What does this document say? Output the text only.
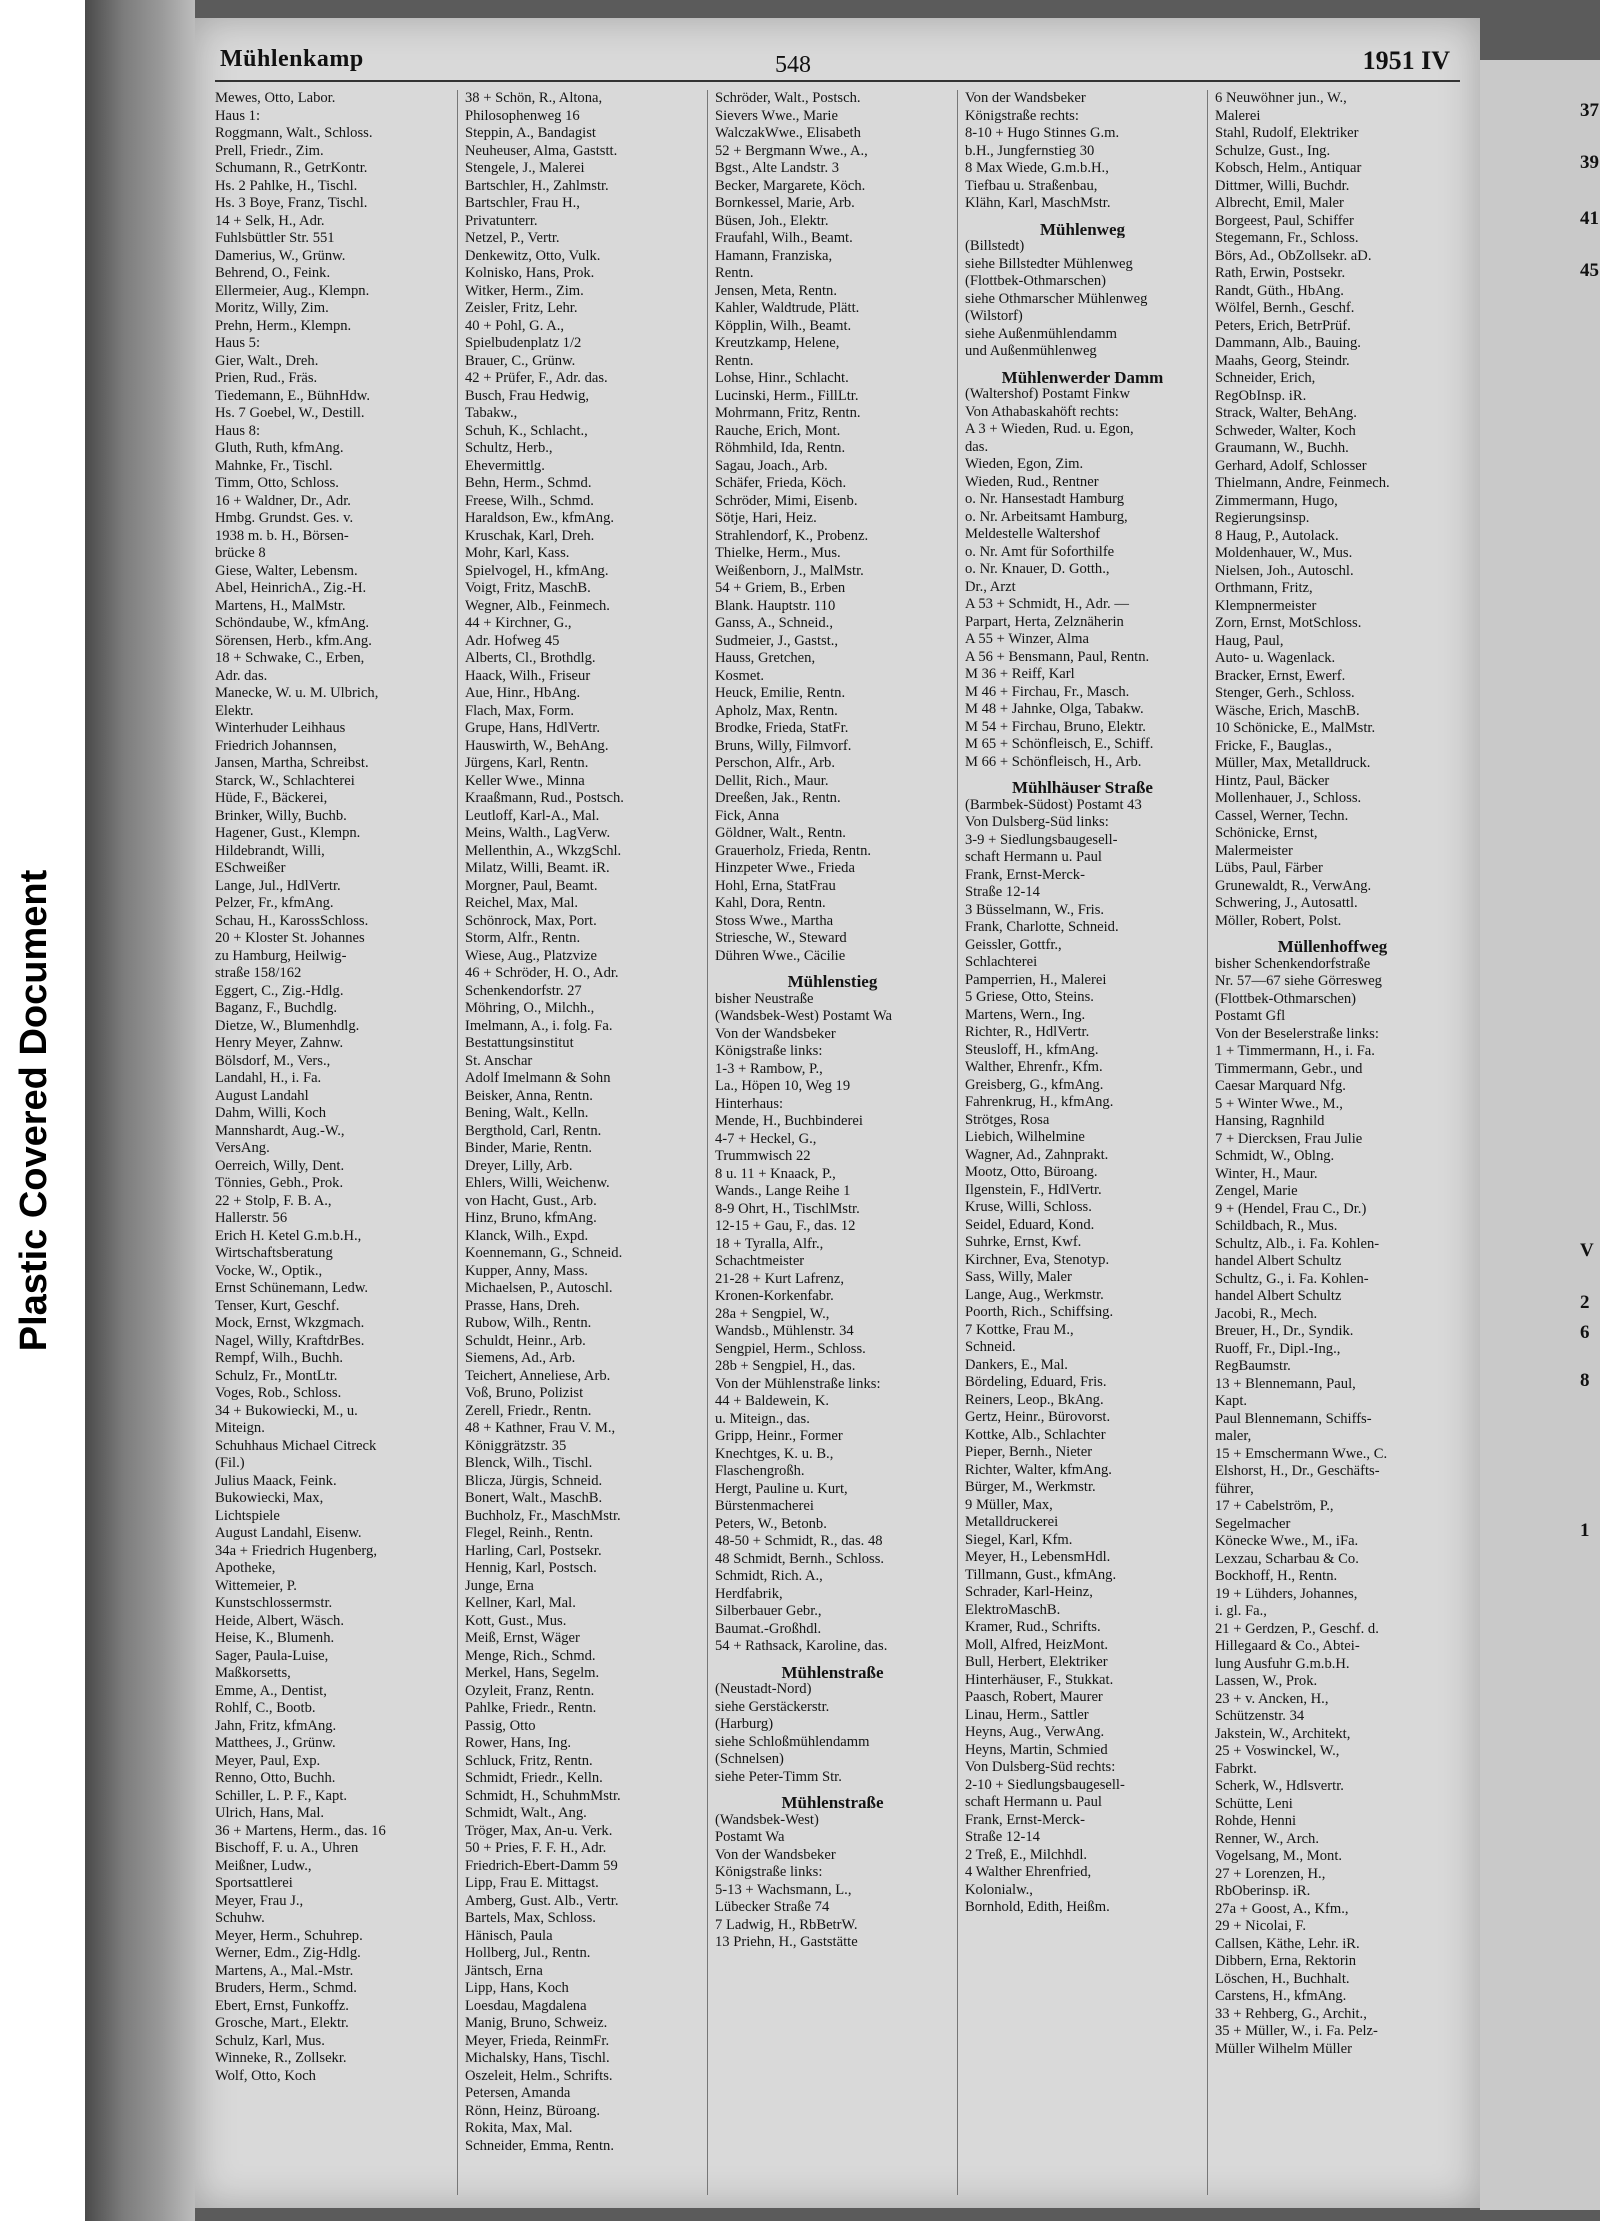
Plastic Covered Document
Mühlenkamp	548	1951 IV
Mewes, Otto, Labor.
Haus 1:
Roggmann, Walt., Schloss.
Prell, Friedr., Zim.
Schumann, R., GetrKontr.
Hs. 2 Pahlke, H., Tischl.
Hs. 3 Boye, Franz, Tischl.
14 + Selk, H., Adr.
Fuhlsbüttler Str. 551
Damerius, W., Grünw.
Behrend, O., Feink.
Ellermeier, Aug., Klempn.
Moritz, Willy, Zim.
Prehn, Herm., Klempn.
Haus 5:
Gier, Walt., Dreh.
Prien, Rud., Fräs.
Tiedemann, E., BühnHdw.
Hs. 7 Goebel, W., Destill.
Haus 8:
Gluth, Ruth, kfmAng.
Mahnke, Fr., Tischl.
Timm, Otto, Schloss.
16 + Waldner, Dr., Adr.
Hmbg. Grundst. Ges. v.
1938 m. b. H., Börsen-
brücke 8
Giese, Walter, Lebensm.
Abel, HeinrichA., Zig.-H.
Martens, H., MalMstr.
Schöndaube, W., kfmAng.
Sörensen, Herb., kfm.Ang.
18 + Schwake, C., Erben,
Adr. das.
Manecke, W. u. M. Ulbrich,
Elektr.
Winterhuder Leihhaus
Friedrich Johannsen,
Jansen, Martha, Schreibst.
Starck, W., Schlachterei
Hüde, F., Bäckerei,
Brinker, Willy, Buchb.
Hagener, Gust., Klempn.
Hildebrandt, Willi,
ESchweißer
Lange, Jul., HdlVertr.
Pelzer, Fr., kfmAng.
Schau, H., KarossSchloss.
20 + Kloster St. Johannes
zu Hamburg, Heilwig-
straße 158/162
Eggert, C., Zig.-Hdlg.
Baganz, F., Buchdlg.
Dietze, W., Blumenhdlg.
Henry Meyer, Zahnw.
Bölsdorf, M., Vers.,
Landahl, H., i. Fa.
August Landahl
Dahm, Willi, Koch
Mannshardt, Aug.-W.,
VersAng.
Oerreich, Willy, Dent.
Tönnies, Gebh., Prok.
22 + Stolp, F. B. A.,
Hallerstr. 56
Erich H. Ketel G.m.b.H.,
Wirtschaftsberatung
Vocke, W., Optik.,
Ernst Schünemann, Ledw.
Tenser, Kurt, Geschf.
Mock, Ernst, Wkzgmach.
Nagel, Willy, KraftdrBes.
Rempf, Wilh., Buchh.
Schulz, Fr., MontLtr.
Voges, Rob., Schloss.
34 + Bukowiecki, M., u.
Miteign.
Schuhhaus Michael Citreck
(Fil.)
Julius Maack, Feink.
Bukowiecki, Max,
Lichtspiele
August Landahl, Eisenw.
34a + Friedrich Hugenberg,
Apotheke,
Wittemeier, P.
Kunstschlossermstr.
Heide, Albert, Wäsch.
Heise, K., Blumenh.
Sager, Paula-Luise,
Maßkorsetts,
Emme, A., Dentist,
Rohlf, C., Bootb.
Jahn, Fritz, kfmAng.
Matthees, J., Grünw.
Meyer, Paul, Exp.
Renno, Otto, Buchh.
Schiller, L. P. F., Kapt.
Ulrich, Hans, Mal.
36 + Martens, Herm., das. 16
Bischoff, F. u. A., Uhren
Meißner, Ludw.,
Sportsattlerei
Meyer, Frau J.,
Schuhw.
Meyer, Herm., Schuhrep.
Werner, Edm., Zig-Hdlg.
Martens, A., Mal.-Mstr.
Bruders, Herm., Schmd.
Ebert, Ernst, Funkoffz.
Grosche, Mart., Elektr.
Schulz, Karl, Mus.
Winneke, R., Zollsekr.
Wolf, Otto, Koch
38 + Schön, R., Altona,
Philosophenweg 16
Steppin, A., Bandagist
Neuheuser, Alma, Gaststt.
Stengele, J., Malerei
Bartschler, H., Zahlmstr.
Bartschler, Frau H.,
Privatunterr.
Netzel, P., Vertr.
Denkewitz, Otto, Vulk.
Kolnisko, Hans, Prok.
Witker, Herm., Zim.
Zeisler, Fritz, Lehr.
40 + Pohl, G. A.,
Spielbudenplatz 1/2
Brauer, C., Grünw.
42 + Prüfer, F., Adr. das.
Busch, Frau Hedwig,
Tabakw.,
Schuh, K., Schlacht.,
Schultz, Herb.,
Ehevermittlg.
Behn, Herm., Schmd.
Freese, Wilh., Schmd.
Haraldson, Ew., kfmAng.
Kruschak, Karl, Dreh.
Mohr, Karl, Kass.
Spielvogel, H., kfmAng.
Voigt, Fritz, MaschB.
Wegner, Alb., Feinmech.
44 + Kirchner, G.,
Adr. Hofweg 45
Alberts, Cl., Brothdlg.
Haack, Wilh., Friseur
Aue, Hinr., HbAng.
Flach, Max, Form.
Grupe, Hans, HdlVertr.
Hauswirth, W., BehAng.
Jürgens, Karl, Rentn.
Keller Wwe., Minna
Kraaßmann, Rud., Postsch.
Leutloff, Karl-A., Mal.
Meins, Walth., LagVerw.
Mellenthin, A., WkzgSchl.
Milatz, Willi, Beamt. iR.
Morgner, Paul, Beamt.
Reichel, Max, Mal.
Schönrock, Max, Port.
Storm, Alfr., Rentn.
Wiese, Aug., Platzvize
46 + Schröder, H. O., Adr.
Schenkendorfstr. 27
Möhring, O., Milchh.,
Imelmann, A., i. folg. Fa.
Bestattungsinstitut
St. Anschar
Adolf Imelmann & Sohn
Beisker, Anna, Rentn.
Bening, Walt., Kelln.
Bergthold, Carl, Rentn.
Binder, Marie, Rentn.
Dreyer, Lilly, Arb.
Ehlers, Willi, Weichenw.
von Hacht, Gust., Arb.
Hinz, Bruno, kfmAng.
Klanck, Wilh., Expd.
Koennemann, G., Schneid.
Kupper, Anny, Mass.
Michaelsen, P., Autoschl.
Prasse, Hans, Dreh.
Rubow, Wilh., Rentn.
Schuldt, Heinr., Arb.
Siemens, Ad., Arb.
Teichert, Anneliese, Arb.
Voß, Bruno, Polizist
Zerell, Friedr., Rentn.
48 + Kathner, Frau V. M.,
Königgrätzstr. 35
Blenck, Wilh., Tischl.
Blicza, Jürgis, Schneid.
Bonert, Walt., MaschB.
Buchholz, Fr., MaschMstr.
Flegel, Reinh., Rentn.
Harling, Carl, Postsekr.
Hennig, Karl, Postsch.
Junge, Erna
Kellner, Karl, Mal.
Kott, Gust., Mus.
Meiß, Ernst, Wäger
Menge, Rich., Schmd.
Merkel, Hans, Segelm.
Ozyleit, Franz, Rentn.
Pahlke, Friedr., Rentn.
Passig, Otto
Rower, Hans, Ing.
Schluck, Fritz, Rentn.
Schmidt, Friedr., Kelln.
Schmidt, H., SchuhmMstr.
Schmidt, Walt., Ang.
Tröger, Max, An-u. Verk.
50 + Pries, F. F. H., Adr.
Friedrich-Ebert-Damm 59
Lipp, Frau E. Mittagst.
Amberg, Gust. Alb., Vertr.
Bartels, Max, Schloss.
Hänisch, Paula
Hollberg, Jul., Rentn.
Jäntsch, Erna
Lipp, Hans, Koch
Loesdau, Magdalena
Manig, Bruno, Schweiz.
Meyer, Frieda, ReinmFr.
Michalsky, Hans, Tischl.
Oszeleit, Helm., Schrifts.
Petersen, Amanda
Rönn, Heinz, Büroang.
Rokita, Max, Mal.
Schneider, Emma, Rentn.
Schröder, Walt., Postsch.
Sievers Wwe., Marie
WalczakWwe., Elisabeth
52 + Bergmann Wwe., A.,
Bgst., Alte Landstr. 3
Becker, Margarete, Köch.
Bornkessel, Marie, Arb.
Büsen, Joh., Elektr.
Fraufahl, Wilh., Beamt.
Hamann, Franziska,
Rentn.
Jensen, Meta, Rentn.
Kahler, Waldtrude, Plätt.
Köpplin, Wilh., Beamt.
Kreutzkamp, Helene,
Rentn.
Lohse, Hinr., Schlacht.
Lucinski, Herm., FillLtr.
Mohrmann, Fritz, Rentn.
Rauche, Erich, Mont.
Röhmhild, Ida, Rentn.
Sagau, Joach., Arb.
Schäfer, Frieda, Köch.
Schröder, Mimi, Eisenb.
Sötje, Hari, Heiz.
Strahlendorf, K., Probenz.
Thielke, Herm., Mus.
Weißenborn, J., MalMstr.
54 + Griem, B., Erben
Blank. Hauptstr. 110
Ganss, A., Schneid.,
Sudmeier, J., Gastst.,
Hauss, Gretchen,
Kosmet.
Heuck, Emilie, Rentn.
Apholz, Max, Rentn.
Brodke, Frieda, StatFr.
Bruns, Willy, Filmvorf.
Perschon, Alfr., Arb.
Dellit, Rich., Maur.
Dreeßen, Jak., Rentn.
Fick, Anna
Göldner, Walt., Rentn.
Grauerholz, Frieda, Rentn.
Hinzpeter Wwe., Frieda
Hohl, Erna, StatFrau
Kahl, Dora, Rentn.
Stoss Wwe., Martha
Striesche, W., Steward
Dühren Wwe., Cäcilie
Mühlenstieg
bisher Neustraße
(Wandsbek-West) Postamt Wa
Von der Wandsbeker
Königstraße links:
1-3 + Rambow, P.,
La., Höpen 10, Weg 19
Hinterhaus:
Mende, H., Buchbinderei
4-7 + Heckel, G.,
Trummwisch 22
8 u. 11 + Knaack, P.,
Wands., Lange Reihe 1
8-9 Ohrt, H., TischlMstr.
12-15 + Gau, F., das. 12
18 + Tyralla, Alfr.,
Schachtmeister
21-28 + Kurt Lafrenz,
Kronen-Korkenfabr.
28a + Sengpiel, W.,
Wandsb., Mühlenstr. 34
Sengpiel, Herm., Schloss.
28b + Sengpiel, H., das.
Von der Mühlenstraße links:
44 + Baldewein, K.
u. Miteign., das.
Gripp, Heinr., Former
Knechtges, K. u. B.,
Flaschengroßh.
Hergt, Pauline u. Kurt,
Bürstenmacherei
Peters, W., Betonb.
48-50 + Schmidt, R., das. 48
48 Schmidt, Bernh., Schloss.
Schmidt, Rich. A.,
Herdfabrik,
Silberbauer Gebr.,
Baumat.-Großhdl.
54 + Rathsack, Karoline, das.
Mühlenstraße
(Neustadt-Nord)
siehe Gerstäckerstr.
(Harburg)
siehe Schloßmühlendamm
(Schnelsen)
siehe Peter-Timm Str.
Mühlenstraße
(Wandsbek-West)
Postamt Wa
Von der Wandsbeker
Königstraße links:
5-13 + Wachsmann, L.,
Lübecker Straße 74
7 Ladwig, H., RbBetrW.
13 Priehn, H., Gaststätte
Von der Wandsbeker
Königstraße rechts:
8-10 + Hugo Stinnes G.m.
b.H., Jungfernstieg 30
8 Max Wiede, G.m.b.H.,
Tiefbau u. Straßenbau,
Klähn, Karl, MaschMstr.
Mühlenweg
(Billstedt)
siehe Billstedter Mühlenweg
(Flottbek-Othmarschen)
siehe Othmarscher Mühlenweg
(Wilstorf)
siehe Außenmühlendamm
und Außenmühlenweg
Mühlenwerder Damm
(Waltershof) Postamt Finkw
Von Athabaskahöft rechts:
A 3 + Wieden, Rud. u. Egon,
das.
Wieden, Egon, Zim.
Wieden, Rud., Rentner
o. Nr. Hansestadt Hamburg
o. Nr. Arbeitsamt Hamburg,
Meldestelle Waltershof
o. Nr. Amt für Soforthilfe
o. Nr. Knauer, D. Gotth.,
Dr., Arzt
A 53 + Schmidt, H., Adr. —
Parpart, Herta, Zelznäherin
A 55 + Winzer, Alma
A 56 + Bensmann, Paul, Rentn.
M 36 + Reiff, Karl
M 46 + Firchau, Fr., Masch.
M 48 + Jahnke, Olga, Tabakw.
M 54 + Firchau, Bruno, Elektr.
M 65 + Schönfleisch, E., Schiff.
M 66 + Schönfleisch, H., Arb.
Mühlhäuser Straße
(Barmbek-Südost) Postamt 43
Von Dulsberg-Süd links:
3-9 + Siedlungsbaugesell-
schaft Hermann u. Paul
Frank, Ernst-Merck-
Straße 12-14
3 Büsselmann, W., Fris.
Frank, Charlotte, Schneid.
Geissler, Gottfr.,
Schlachterei
Pamperrien, H., Malerei
5 Griese, Otto, Steins.
Martens, Wern., Ing.
Richter, R., HdlVertr.
Steusloff, H., kfmAng.
Walther, Ehrenfr., Kfm.
Greisberg, G., kfmAng.
Fahrenkrug, H., kfmAng.
Strötges, Rosa
Liebich, Wilhelmine
Wagner, Ad., Zahnprakt.
Mootz, Otto, Büroang.
Ilgenstein, F., HdlVertr.
Kruse, Willi, Schloss.
Seidel, Eduard, Kond.
Suhrke, Ernst, Kwf.
Kirchner, Eva, Stenotyp.
Sass, Willy, Maler
Lange, Aug., Werkmstr.
Poorth, Rich., Schiffsing.
7 Kottke, Frau M.,
Schneid.
Dankers, E., Mal.
Bördeling, Eduard, Fris.
Reiners, Leop., BkAng.
Gertz, Heinr., Bürovorst.
Kottke, Alb., Schlachter
Pieper, Bernh., Nieter
Richter, Walter, kfmAng.
Bürger, M., Werkmstr.
9 Müller, Max,
Metalldruckerei
Siegel, Karl, Kfm.
Meyer, H., LebensmHdl.
Tillmann, Gust., kfmAng.
Schrader, Karl-Heinz,
ElektroMaschB.
Kramer, Rud., Schrifts.
Moll, Alfred, HeizMont.
Bull, Herbert, Elektriker
Hinterhäuser, F., Stukkat.
Paasch, Robert, Maurer
Linau, Herm., Sattler
Heyns, Aug., VerwAng.
Heyns, Martin, Schmied
Von Dulsberg-Süd rechts:
2-10 + Siedlungsbaugesell-
schaft Hermann u. Paul
Frank, Ernst-Merck-
Straße 12-14
2 Treß, E., Milchhdl.
4 Walther Ehrenfried,
Kolonialw.,
Bornhold, Edith, Heißm.
6 Neuwöhner jun., W.,
Malerei
Stahl, Rudolf, Elektriker
Schulze, Gust., Ing.
Kobsch, Helm., Antiquar
Dittmer, Willi, Buchdr.
Albrecht, Emil, Maler
Borgeest, Paul, Schiffer
Stegemann, Fr., Schloss.
Börs, Ad., ObZollsekr. aD.
Rath, Erwin, Postsekr.
Randt, Güth., HbAng.
Wölfel, Bernh., Geschf.
Peters, Erich, BetrPrüf.
Dammann, Alb., Bauing.
Maahs, Georg, Steindr.
Schneider, Erich,
RegObInsp. iR.
Strack, Walter, BehAng.
Schweder, Walter, Koch
Graumann, W., Buchh.
Gerhard, Adolf, Schlosser
Thielmann, Andre, Feinmech.
Zimmermann, Hugo,
Regierungsinsp.
8 Haug, P., Autolack.
Moldenhauer, W., Mus.
Nielsen, Joh., Autoschl.
Orthmann, Fritz,
Klempnermeister
Zorn, Ernst, MotSchloss.
Haug, Paul,
Auto- u. Wagenlack.
Bracker, Ernst, Ewerf.
Stenger, Gerh., Schloss.
Wäsche, Erich, MaschB.
10 Schönicke, E., MalMstr.
Fricke, F., Bauglas.,
Müller, Max, Metalldruck.
Hintz, Paul, Bäcker
Mollenhauer, J., Schloss.
Cassel, Werner, Techn.
Schönicke, Ernst,
Malermeister
Lübs, Paul, Färber
Grunewaldt, R., VerwAng.
Schwering, J., Autosattl.
Möller, Robert, Polst.
Müllenhoffweg
bisher Schenkendorfstraße
Nr. 57—67 siehe Görresweg
(Flottbek-Othmarschen)
Postamt Gfl
Von der Beselerstraße links:
1 + Timmermann, H., i. Fa.
Timmermann, Gebr., und
Caesar Marquard Nfg.
5 + Winter Wwe., M.,
Hansing, Ragnhild
7 + Diercksen, Frau Julie
Schmidt, W., Oblng.
Winter, H., Maur.
Zengel, Marie
9 + (Hendel, Frau C., Dr.)
Schildbach, R., Mus.
Schultz, Alb., i. Fa. Kohlen-
handel Albert Schultz
Schultz, G., i. Fa. Kohlen-
handel Albert Schultz
Jacobi, R., Mech.
Breuer, H., Dr., Syndik.
Ruoff, Fr., Dipl.-Ing.,
RegBaumstr.
13 + Blennemann, Paul,
Kapt.
Paul Blennemann, Schiffs-
maler,
15 + Emschermann Wwe., C.
Elshorst, H., Dr., Geschäfts-
führer,
17 + Cabelström, P.,
Segelmacher
Könecke Wwe., M., iFa.
Lexzau, Scharbau & Co.
Bockhoff, H., Rentn.
19 + Lühders, Johannes,
i. gl. Fa.,
21 + Gerdzen, P., Geschf. d.
Hillegaard & Co., Abtei-
lung Ausfuhr G.m.b.H.
Lassen, W., Prok.
23 + v. Ancken, H.,
Schützenstr. 34
Jakstein, W., Architekt,
25 + Voswinckel, W.,
Fabrkt.
Scherk, W., Hdlsvertr.
Schütte, Leni
Rohde, Henni
Renner, W., Arch.
Vogelsang, M., Mont.
27 + Lorenzen, H.,
RbOberinsp. iR.
27a + Goost, A., Kfm.,
29 + Nicolai, F.
Callsen, Käthe, Lehr. iR.
Dibbern, Erna, Rektorin
Löschen, H., Buchhalt.
Carstens, H., kfmAng.
33 + Rehberg, G., Archit.,
35 + Müller, W., i. Fa. Pelz-
Müller Wilhelm Müller
37
39
41
45
V
2
6
8
1
